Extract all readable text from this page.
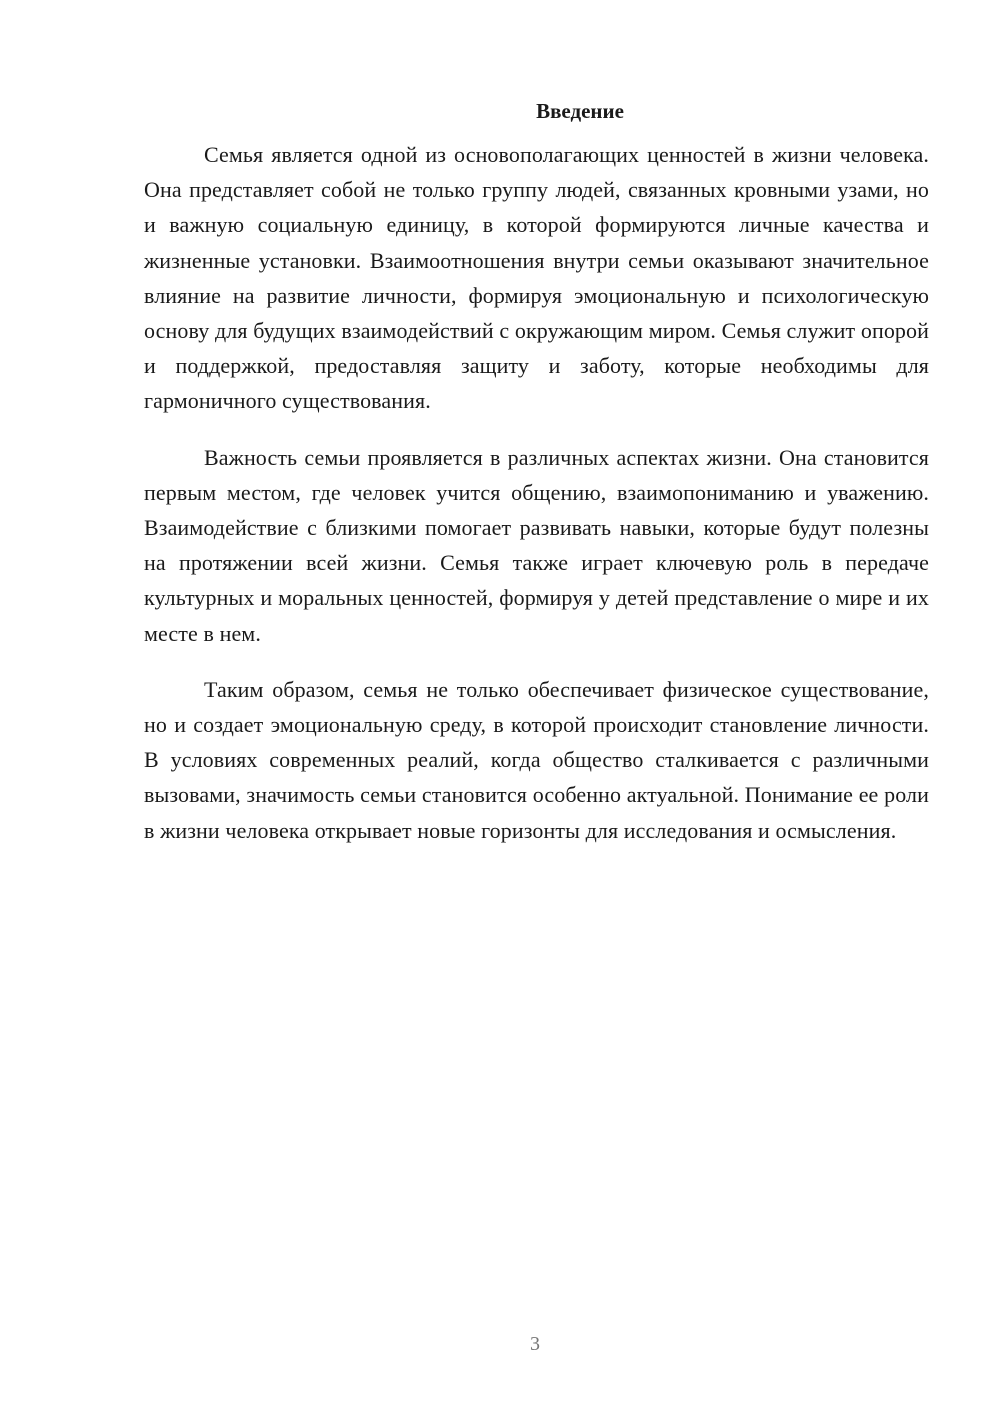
Введение

Семья является одной из основополагающих ценностей в жизни человека. Она представляет собой не только группу людей, связанных кровными узами, но и важную социальную единицу, в которой формируются личные качества и жизненные установки. Взаимоотношения внутри семьи оказывают значительное влияние на развитие личности, формируя эмоциональную и психологическую основу для будущих взаимодействий с окружающим миром. Семья служит опорой и поддержкой, предоставляя защиту и заботу, которые необходимы для гармоничного существования.

Важность семьи проявляется в различных аспектах жизни. Она становится первым местом, где человек учится общению, взаимопониманию и уважению. Взаимодействие с близкими помогает развивать навыки, которые будут полезны на протяжении всей жизни. Семья также играет ключевую роль в передаче культурных и моральных ценностей, формируя у детей представление о мире и их месте в нем.

Таким образом, семья не только обеспечивает физическое существование, но и создает эмоциональную среду, в которой происходит становление личности. В условиях современных реалий, когда общество сталкивается с различными вызовами, значимость семьи становится особенно актуальной. Понимание ее роли в жизни человека открывает новые горизонты для исследования и осмысления.

3
